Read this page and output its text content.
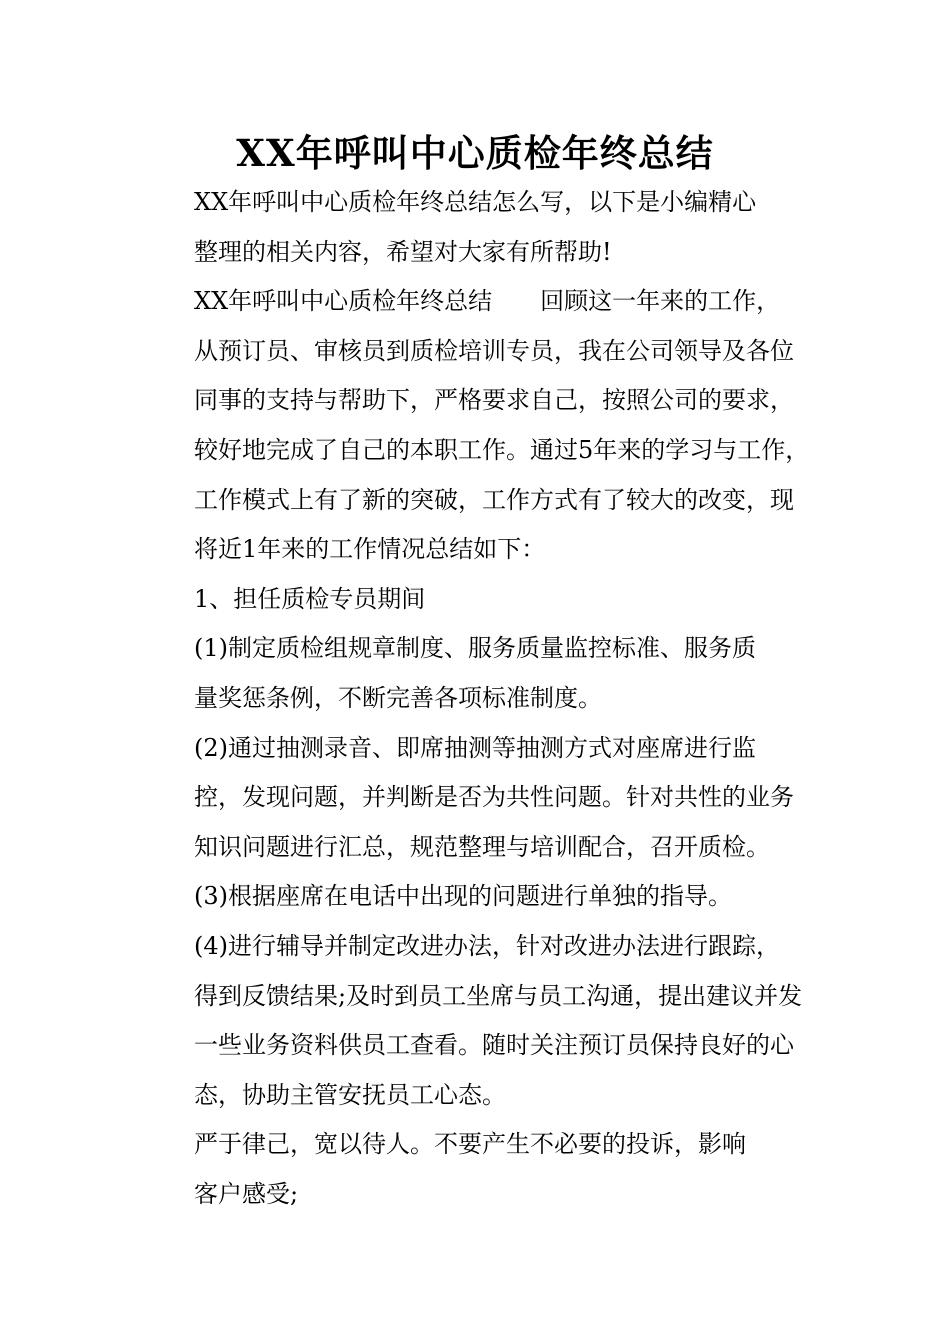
XX年呼叫中心质检年终总结

XX年呼叫中心质检年终总结怎么写，以下是小编精心
整理的相关内容，希望对大家有所帮助!

XX年呼叫中心质检年终总结　　回顾这一年来的工作，
从预订员、审核员到质检培训专员，我在公司领导及各位
同事的支持与帮助下，严格要求自己，按照公司的要求，
较好地完成了自己的本职工作。通过5年来的学习与工作，
工作模式上有了新的突破，工作方式有了较大的改变，现
将近1年来的工作情况总结如下：

1、担任质检专员期间

(1)制定质检组规章制度、服务质量监控标准、服务质
量奖惩条例，不断完善各项标准制度。

(2)通过抽测录音、即席抽测等抽测方式对座席进行监
控，发现问题，并判断是否为共性问题。针对共性的业务
知识问题进行汇总，规范整理与培训配合，召开质检。

(3)根据座席在电话中出现的问题进行单独的指导。

(4)进行辅导并制定改进办法，针对改进办法进行跟踪，
得到反馈结果;及时到员工坐席与员工沟通，提出建议并发
一些业务资料供员工查看。随时关注预订员保持良好的心
态，协助主管安抚员工心态。

严于律己，宽以待人。不要产生不必要的投诉，影响
客户感受;
